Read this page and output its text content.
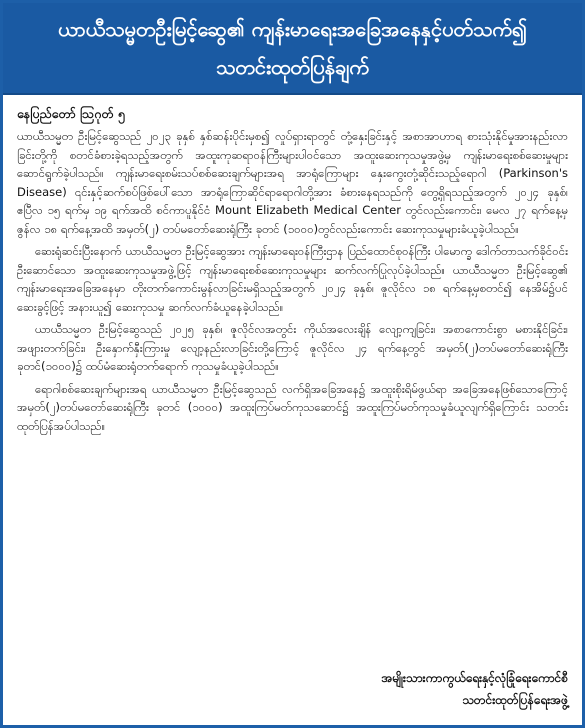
ယာယီသမ္မတဦးမြင့်ဆွေ၏ ကျန်းမာရေးအခြေအနေနှင့်ပတ်သက်၍
သတင်းထုတ်ပြန်ချက်
နေပြည်တော် ဩဂုတ် ၅

ယာယီသမ္မတ ဦးမြင့်ဆွေသည် ၂၀၂၃ ခုနှစ် နှစ်ဆန်းပိုင်းမှစ၍ လှုပ်ရှားရာတွင် တုံ့နှေးခြင်းနှင့် အစာအာဟာရ စားသုံးနိုင်မှုအားနည်းလာခြင်းတို့ကို စတင်ခံစားခဲ့ရသည့်အတွက် အထူးကုဆရာဝန်ကြီးများပါဝင်သော အထူးဆေးကုသမှုအဖွဲ့မှ ကျန်းမာရေးစစ်ဆေးမှုများဆောင်ရွက်ခဲ့ပါသည်။ ကျန်းမာရေးစမ်းသပ်စစ်ဆေးချက်များအရ အာရုံကြောများ နှေးကွေးတုံ့ဆိုင်းသည့်ရောဂါ (Parkinson's Disease) ၎င်းနှင့်ဆက်စပ်ဖြစ်ပေါ်သော အာရုံကြောဆိုင်ရာရောဂါတို့အား ခံစားနေရသည်ကို တွေ့ရှိရသည့်အတွက် ၂၀၂၄ ခုနှစ်၊ ဧပြီလ ၁၅ ရက်မှ ၁၉ ရက်အထိ စင်ကာပူနိုင်ငံ Mount Elizabeth Medical Center တွင်လည်းကောင်း၊ မေလ ၂၇ ရက်နေ့မှ ဇွန်လ ၁၈ ရက်နေ့အထိ အမှတ်(၂) တပ်မတော်ဆေးရုံကြီး ခုတင် (၁၀၀၀)တွင်လည်းကောင်း ဆေးကုသမှုများခံယူခဲ့ပါသည်။

ဆေးရုံဆင်းပြီးနောက် ယာယီသမ္မတ ဦးမြင့်ဆွေအား ကျန်းမာရေးဝန်ကြီးဌာန ပြည်ထောင်စုဝန်ကြီး ပါမောက္ခ ဒေါက်တာသက်ခိုင်ဝင်း ဦးဆောင်သော အထူးဆေးကုသမှုအဖွဲ့ဖြင့် ကျန်းမာရေးစစ်ဆေးကုသမှုများ ဆက်လက်ပြုလုပ်ခဲ့ပါသည်။ ယာယီသမ္မတ ဦးမြင့်ဆွေ၏ ကျန်းမာရေးအခြေအနေမှာ တိုးတက်ကောင်းမွန်လာခြင်းမရှိသည့်အတွက် ၂၀၂၄ ခုနှစ်၊ ဇူလိုင်လ ၁၈ ရက်နေ့မှစတင်၍ နေအိမ်၌ပင် ဆေးခွင့်ဖြင့် အနားယူ၍ ဆေးကုသမှု ဆက်လက်ခံယူနေခဲ့ပါသည်။

ယာယီသမ္မတ ဦးမြင့်ဆွေသည် ၂၀၂၅ ခုနှစ်၊ ဇူလိုင်လအတွင်း ကိုယ်အလေးချိန် လျော့ကျခြင်း၊ အစာကောင်းစွာ မစားနိုင်ခြင်း၊ အဖျားတက်ခြင်း၊ ဦးနှောက်နှီးကြားမှု လျော့နည်းလာခြင်းတို့ကြောင့် ဇူလိုင်လ ၂၄ ရက်နေ့တွင် အမှတ်(၂)တပ်မတော်ဆေးရုံကြီး ခုတင်(၁၀၀၀)၌ ထပ်မံဆေးရုံတက်ရောက် ကုသမှုခံယူခဲ့ပါသည်။

ရောဂါစစ်ဆေးချက်များအရ ယာယီသမ္မတ ဦးမြင့်ဆွေသည် လက်ရှိအခြေအနေ၌ အထူးစိုးရိမ်ဖွယ်ရာ အခြေအနေဖြစ်သောကြောင့် အမှတ်(၂)တပ်မတော်ဆေးရုံကြီး ခုတင် (၁၀၀၀) အထူးကြပ်မတ်ကုသဆောင်၌ အထူးကြပ်မတ်ကုသမှုခံယူလျက်ရှိကြောင်း သတင်းထုတ်ပြန်အပ်ပါသည်။

အမျိုးသားကာကွယ်ရေးနှင့်လုံခြုံရေးကောင်စီ
သတင်းထုတ်ပြန်ရေးအဖွဲ့
